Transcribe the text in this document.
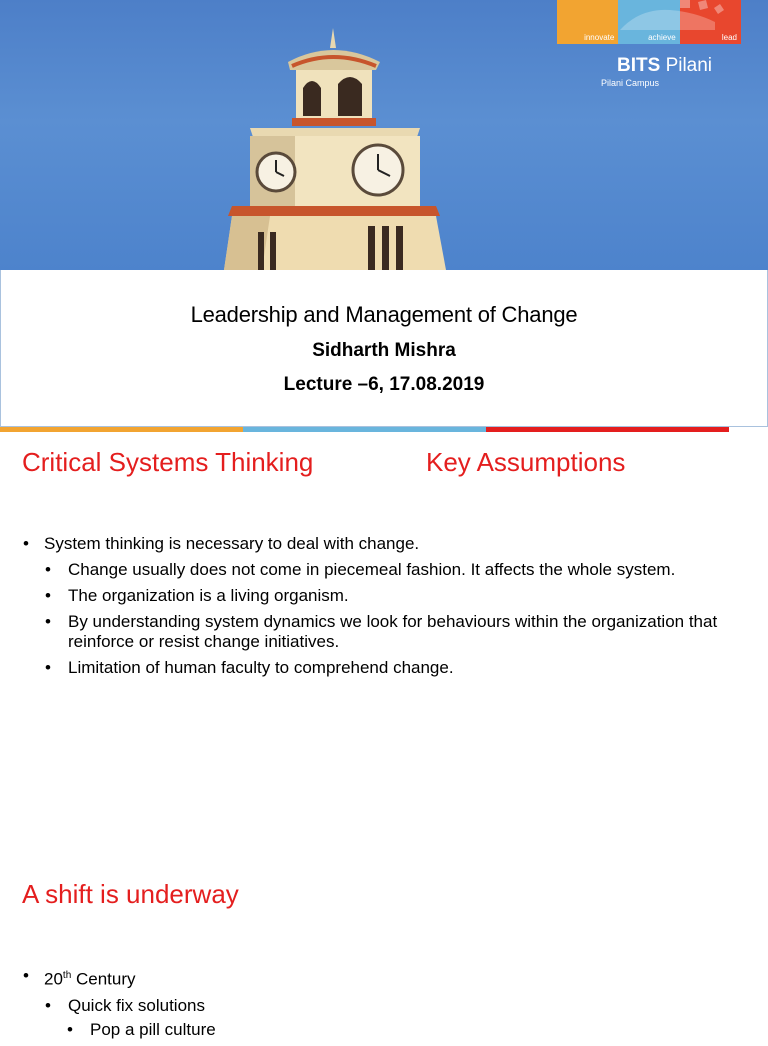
innovate	achieve	lead
BITS Pilani
Pilani Campus
Leadership and Management of Change
Sidharth Mishra
Lecture –6, 17.08.2019
Critical Systems Thinking	Key Assumptions
• System thinking is necessary to deal with change.
• Change usually does not come in piecemeal fashion. It affects the whole system.
• The organization is a living organism.
• By understanding system dynamics we look for behaviours within the organization that reinforce or resist change initiatives.
• Limitation of human faculty to comprehend change.
A shift is underway
• 20th Century
• Quick fix solutions
• Pop a pill culture
